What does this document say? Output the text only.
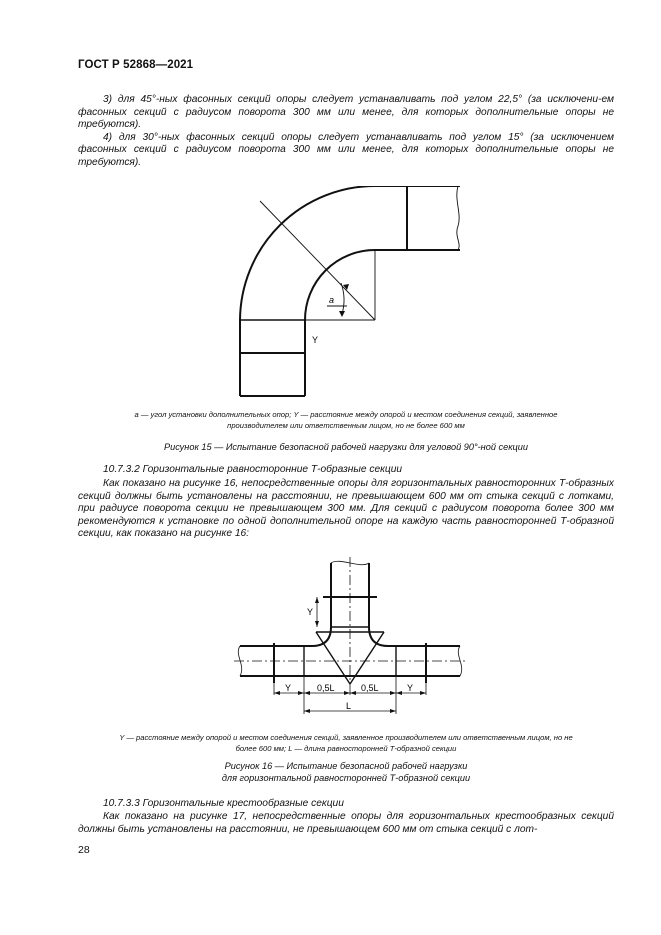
ГОСТ Р 52868—2021

3) для 45°-ных фасонных секций опоры следует устанавливать под углом 22,5° (за исключени-ем фасонных секций с радиусом поворота 300 мм или менее, для которых дополнительные опоры не требуются).

4) для 30°-ных фасонных секций опоры следует устанавливать под углом 15° (за исключением фасонных секций с радиусом поворота 300 мм или менее, для которых дополнительные опоры не требуются).

a
Y
a — угол установки дополнительных опор; Y — расстояние между опорой и местом соединения секций, заявленное
производителем или ответственным лицом, но не более 600 мм
Рисунок 15 — Испытание безопасной рабочей нагрузки для угловой 90°-ной секции
10.7.3.2 Горизонтальные равносторонние Т-образные секции

Как показано на рисунке 16, непосредственные опоры для горизонтальных равносторонних Т-образных секций должны быть установлены на расстоянии, не превышающем 600 мм от стыка секций с лотками, при радиусе поворота секции не превышающем 300 мм. Для секций с радиусом поворота более 300 мм рекомендуются к установке по одной дополнительной опоре на каждую часть равносторонней Т-образной секции, как показано на рисунке 16:

Y
Y	0,5L	0,5L	Y
L
Y — расстояние между опорой и местом соединения секций, заявленное производителем или ответственным лицом, но не
более 600 мм; L — длина равносторонней Т-образной секции
Рисунок 16 — Испытание безопасной рабочей нагрузки
для горизонтальной равносторонней Т-образной секции
10.7.3.3 Горизонтальные крестообразные секции

Как показано на рисунке 17, непосредственные опоры для горизонтальных крестообразных секций должны быть установлены на расстоянии, не превышающем 600 мм от стыка секций с лот-

28
